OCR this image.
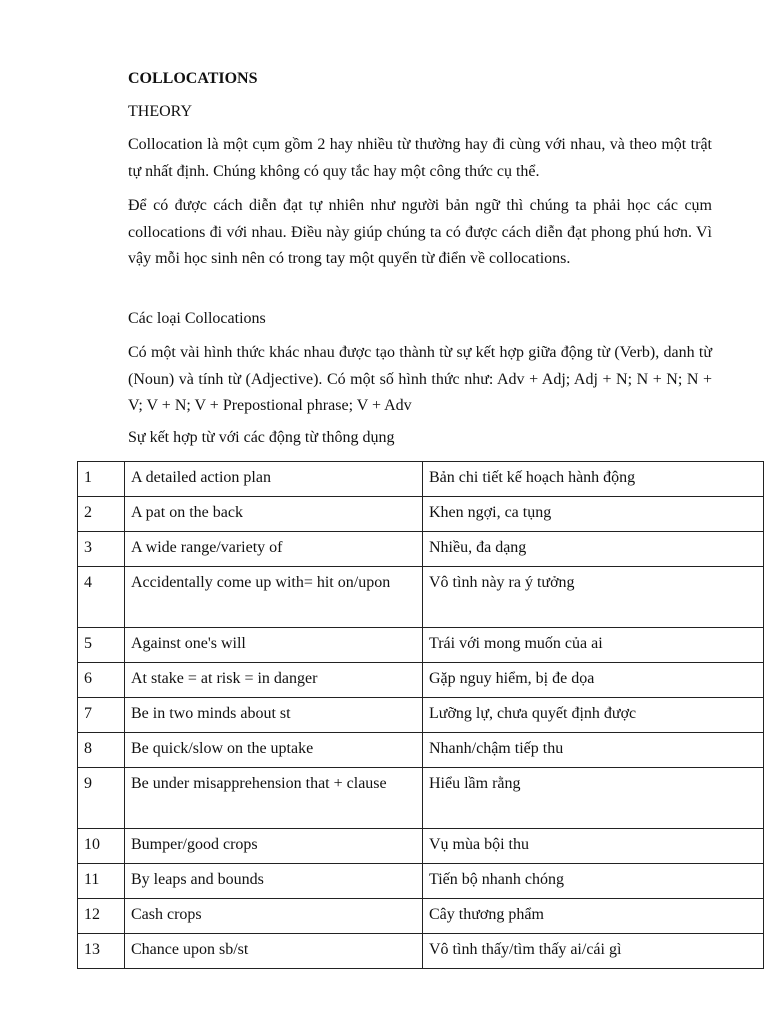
COLLOCATIONS
THEORY

Collocation là một cụm gồm 2 hay nhiều từ thường hay đi cùng với nhau, và theo một trật tự nhất định. Chúng không có quy tắc hay một công thức cụ thể.

Để có được cách diễn đạt tự nhiên như người bản ngữ thì chúng ta phải học các cụm collocations đi với nhau. Điều này giúp chúng ta có được cách diễn đạt phong phú hơn. Vì vậy mỗi học sinh nên có trong tay một quyển từ điển về collocations.

Các loại Collocations

Có một vài hình thức khác nhau được tạo thành từ sự kết hợp giữa động từ (Verb), danh từ (Noun) và tính từ (Adjective). Có một số hình thức như: Adv + Adj; Adj + N; N + N; N + V; V + N; V + Prepostional phrase; V + Adv

Sự kết hợp từ với các động từ thông dụng
1	A detailed action plan	Bản chi tiết kế hoạch hành động
2	A pat on the back	Khen ngợi, ca tụng
3	A wide range/variety of	Nhiều, đa dạng
4	Accidentally come up with= hit on/upon	Vô tình này ra ý tưởng
5	Against one's will	Trái với mong muốn của ai
6	At stake = at risk = in danger	Gặp nguy hiểm, bị đe dọa
7	Be in two minds about st	Lưỡng lự, chưa quyết định được
8	Be quick/slow on the uptake	Nhanh/chậm tiếp thu
9	Be under misapprehension that + clause	Hiểu lầm rằng
10	Bumper/good crops	Vụ mùa bội thu
11	By leaps and bounds	Tiến bộ nhanh chóng
12	Cash crops	Cây thương phẩm
13	Chance upon sb/st	Vô tình thấy/tìm thấy ai/cái gì
